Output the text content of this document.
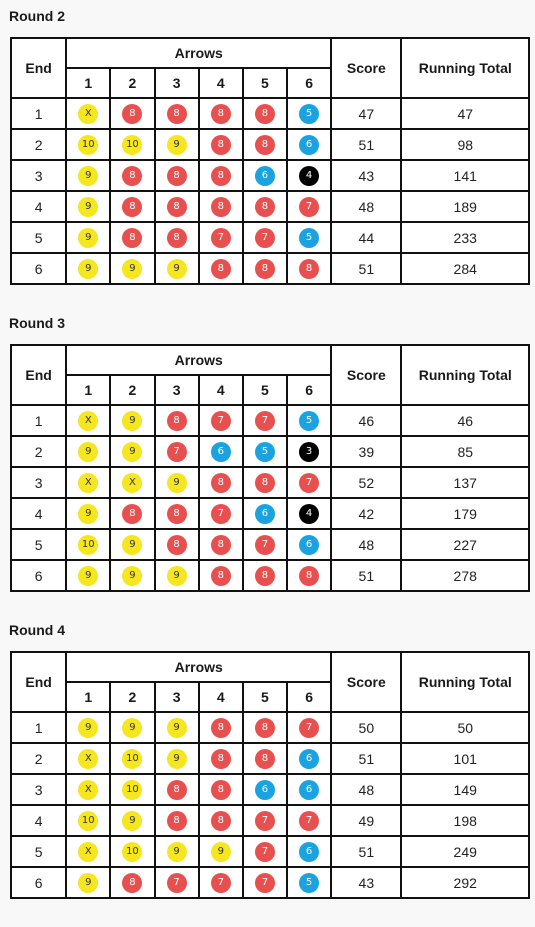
Round 2
End	Arrows						Score	Running Total
	1	2	3	4	5	6		
1	X	8	8	8	8	5	47	47
2	10	10	9	8	8	6	51	98
3	9	8	8	8	6	4	43	141
4	9	8	8	8	8	7	48	189
5	9	8	8	7	7	5	44	233
6	9	9	9	8	8	8	51	284
Round 3
End	Arrows						Score	Running Total
	1	2	3	4	5	6		
1	X	9	8	7	7	5	46	46
2	9	9	7	6	5	3	39	85
3	X	X	9	8	8	7	52	137
4	9	8	8	7	6	4	42	179
5	10	9	8	8	7	6	48	227
6	9	9	9	8	8	8	51	278
Round 4
End	Arrows						Score	Running Total
	1	2	3	4	5	6		
1	9	9	9	8	8	7	50	50
2	X	10	9	8	8	6	51	101
3	X	10	8	8	6	6	48	149
4	10	9	8	8	7	7	49	198
5	X	10	9	9	7	6	51	249
6	9	8	7	7	7	5	43	292
